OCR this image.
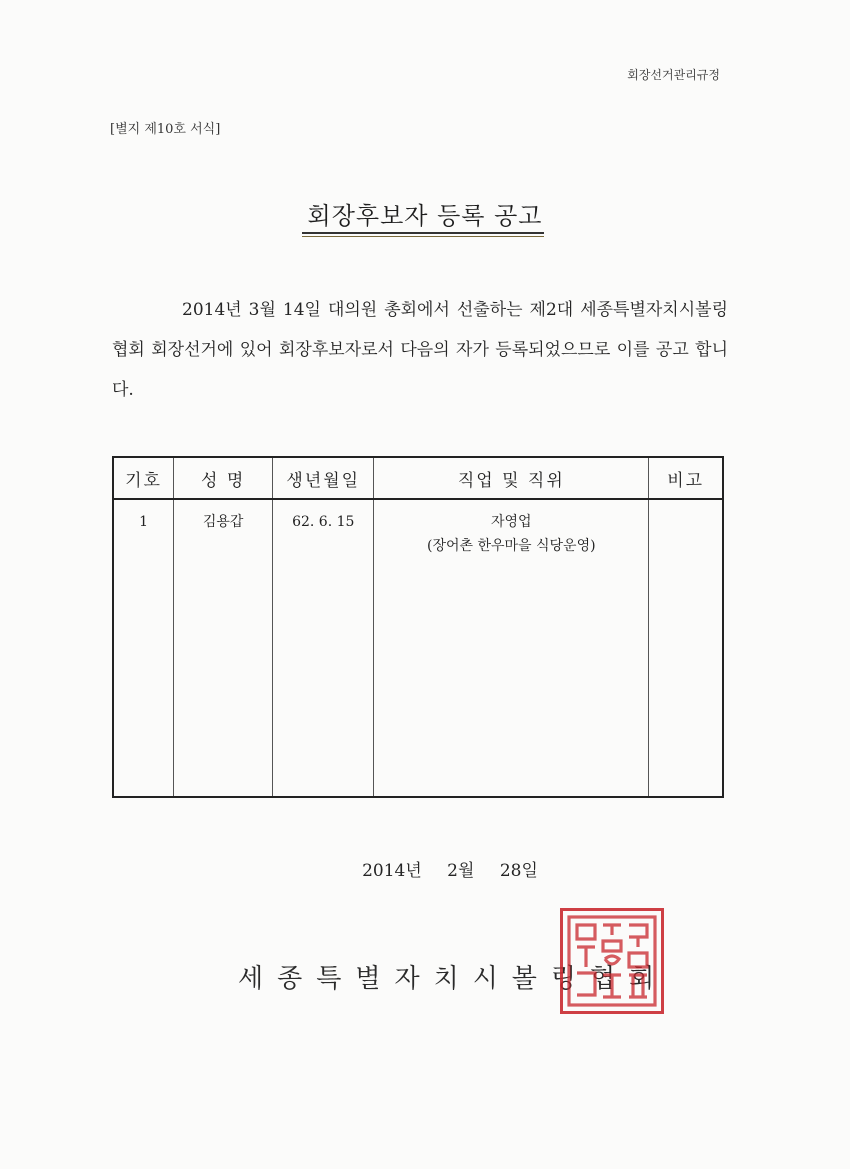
회장선거관리규정
[별지 제10호 서식]
회장후보자 등록 공고
2014년 3월 14일 대의원 총회에서 선출하는 제2대 세종특별자치시볼링협회 회장선거에 있어 회장후보자로서 다음의 자가 등록되었으므로 이를 공고 합니다.
기호	성 명	생년월일	직업 및 직위	비고
1	김용갑	62. 6. 15	자영업
(장어촌 한우마을 식당운영)	

2014년 2월 28일
세종특별자치시볼링협회
